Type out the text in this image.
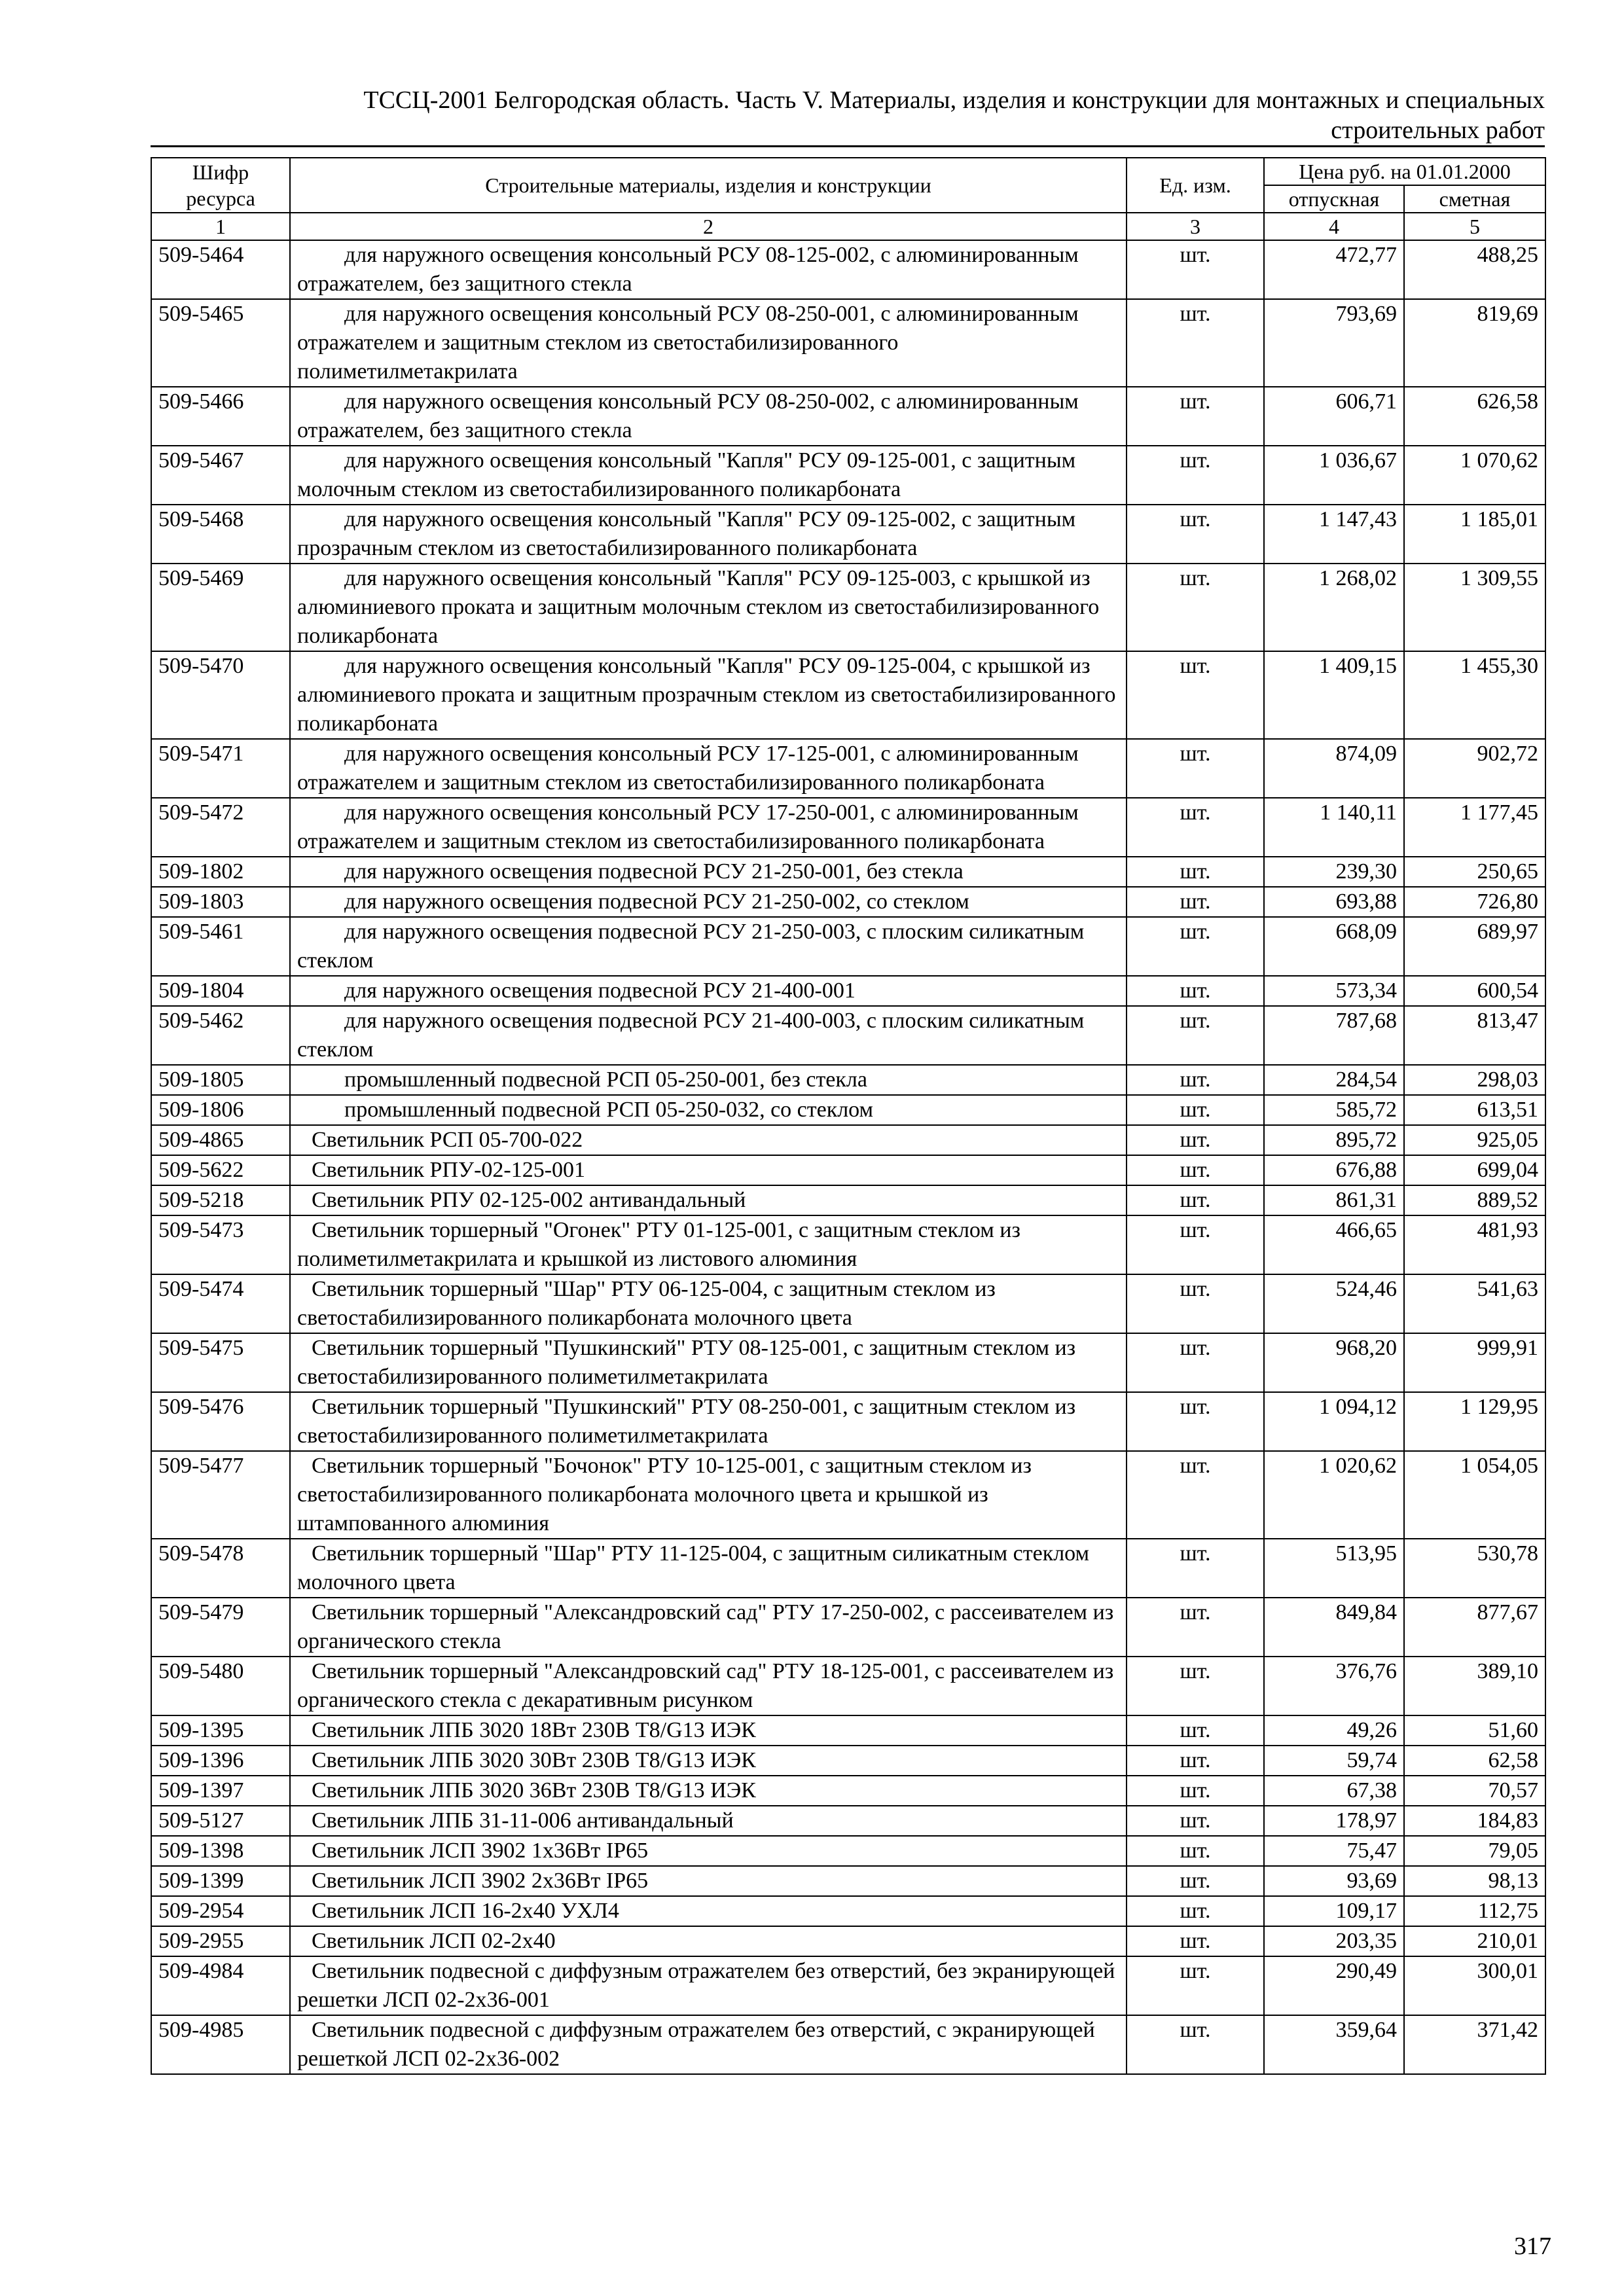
ТССЦ-2001 Белгородская область. Часть V. Материалы, изделия и конструкции для монтажных и специальных
строительных работ
Шифр ресурса	Строительные материалы, изделия и конструкции	Ед. изм.	Цена руб. на 01.01.2000	
			отпускная	сметная
1	2	3	4	5
509-5464	для наружного освещения консольный РСУ 08-125-002, с алюминированным отражателем, без защитного стекла	шт.	472,77	488,25
509-5465	для наружного освещения консольный РСУ 08-250-001, с алюминированным отражателем и защитным стеклом из светостабилизированного полиметилметакрилата	шт.	793,69	819,69
509-5466	для наружного освещения консольный РСУ 08-250-002, с алюминированным отражателем, без защитного стекла	шт.	606,71	626,58
509-5467	для наружного освещения консольный "Капля" РСУ 09-125-001, с защитным молочным стеклом из светостабилизированного поликарбоната	шт.	1 036,67	1 070,62
509-5468	для наружного освещения консольный "Капля" РСУ 09-125-002, с защитным прозрачным стеклом из светостабилизированного поликарбоната	шт.	1 147,43	1 185,01
509-5469	для наружного освещения консольный "Капля" РСУ 09-125-003, с крышкой из алюминиевого проката и защитным молочным стеклом из светостабилизированного поликарбоната	шт.	1 268,02	1 309,55
509-5470	для наружного освещения консольный "Капля" РСУ 09-125-004, с крышкой из алюминиевого проката и защитным прозрачным стеклом из светостабилизированного поликарбоната	шт.	1 409,15	1 455,30
509-5471	для наружного освещения консольный РСУ 17-125-001, с алюминированным отражателем и защитным стеклом из светостабилизированного поликарбоната	шт.	874,09	902,72
509-5472	для наружного освещения консольный РСУ 17-250-001, с алюминированным отражателем и защитным стеклом из светостабилизированного поликарбоната	шт.	1 140,11	1 177,45
509-1802	для наружного освещения подвесной РСУ 21-250-001, без стекла	шт.	239,30	250,65
509-1803	для наружного освещения подвесной РСУ 21-250-002, со стеклом	шт.	693,88	726,80
509-5461	для наружного освещения подвесной РСУ 21-250-003, с плоским силикатным стеклом	шт.	668,09	689,97
509-1804	для наружного освещения подвесной РСУ 21-400-001	шт.	573,34	600,54
509-5462	для наружного освещения подвесной РСУ 21-400-003, с плоским силикатным стеклом	шт.	787,68	813,47
509-1805	промышленный подвесной РСП 05-250-001, без стекла	шт.	284,54	298,03
509-1806	промышленный подвесной РСП 05-250-032, со стеклом	шт.	585,72	613,51
509-4865	Светильник РСП 05-700-022	шт.	895,72	925,05
509-5622	Светильник РПУ-02-125-001	шт.	676,88	699,04
509-5218	Светильник РПУ 02-125-002 антивандальный	шт.	861,31	889,52
509-5473	Светильник торшерный "Огонек" РТУ 01-125-001, с защитным стеклом из полиметилметакрилата и крышкой из листового алюминия	шт.	466,65	481,93
509-5474	Светильник торшерный "Шар" РТУ 06-125-004, с защитным стеклом из светостабилизированного поликарбоната молочного цвета	шт.	524,46	541,63
509-5475	Светильник торшерный "Пушкинский" РТУ 08-125-001, с защитным стеклом из светостабилизированного полиметилметакрилата	шт.	968,20	999,91
509-5476	Светильник торшерный "Пушкинский" РТУ 08-250-001, с защитным стеклом из светостабилизированного полиметилметакрилата	шт.	1 094,12	1 129,95
509-5477	Светильник торшерный "Бочонок" РТУ 10-125-001, с защитным стеклом из светостабилизированного поликарбоната молочного цвета и крышкой из штампованного алюминия	шт.	1 020,62	1 054,05
509-5478	Светильник торшерный "Шар" РТУ 11-125-004, с защитным силикатным стеклом молочного цвета	шт.	513,95	530,78
509-5479	Светильник торшерный "Александровский сад" РТУ 17-250-002, с рассеивателем из органического стекла	шт.	849,84	877,67
509-5480	Светильник торшерный "Александровский сад" РТУ 18-125-001, с рассеивателем из органического стекла с декаративным рисунком	шт.	376,76	389,10
509-1395	Светильник ЛПБ 3020 18Вт 230В T8/G13 ИЭК	шт.	49,26	51,60
509-1396	Светильник ЛПБ 3020 30Вт 230В T8/G13 ИЭК	шт.	59,74	62,58
509-1397	Светильник ЛПБ 3020 36Вт 230В T8/G13 ИЭК	шт.	67,38	70,57
509-5127	Светильник ЛПБ 31-11-006 антивандальный	шт.	178,97	184,83
509-1398	Светильник ЛСП 3902 1х36Вт IP65	шт.	75,47	79,05
509-1399	Светильник ЛСП 3902 2х36Вт IP65	шт.	93,69	98,13
509-2954	Светильник ЛСП 16-2х40 УХЛ4	шт.	109,17	112,75
509-2955	Светильник ЛСП 02-2х40	шт.	203,35	210,01
509-4984	Светильник подвесной с диффузным отражателем без отверстий, без экранирующей решетки ЛСП 02-2х36-001	шт.	290,49	300,01
509-4985	Светильник подвесной с диффузным отражателем без отверстий, с экранирующей решеткой ЛСП 02-2х36-002	шт.	359,64	371,42
317
